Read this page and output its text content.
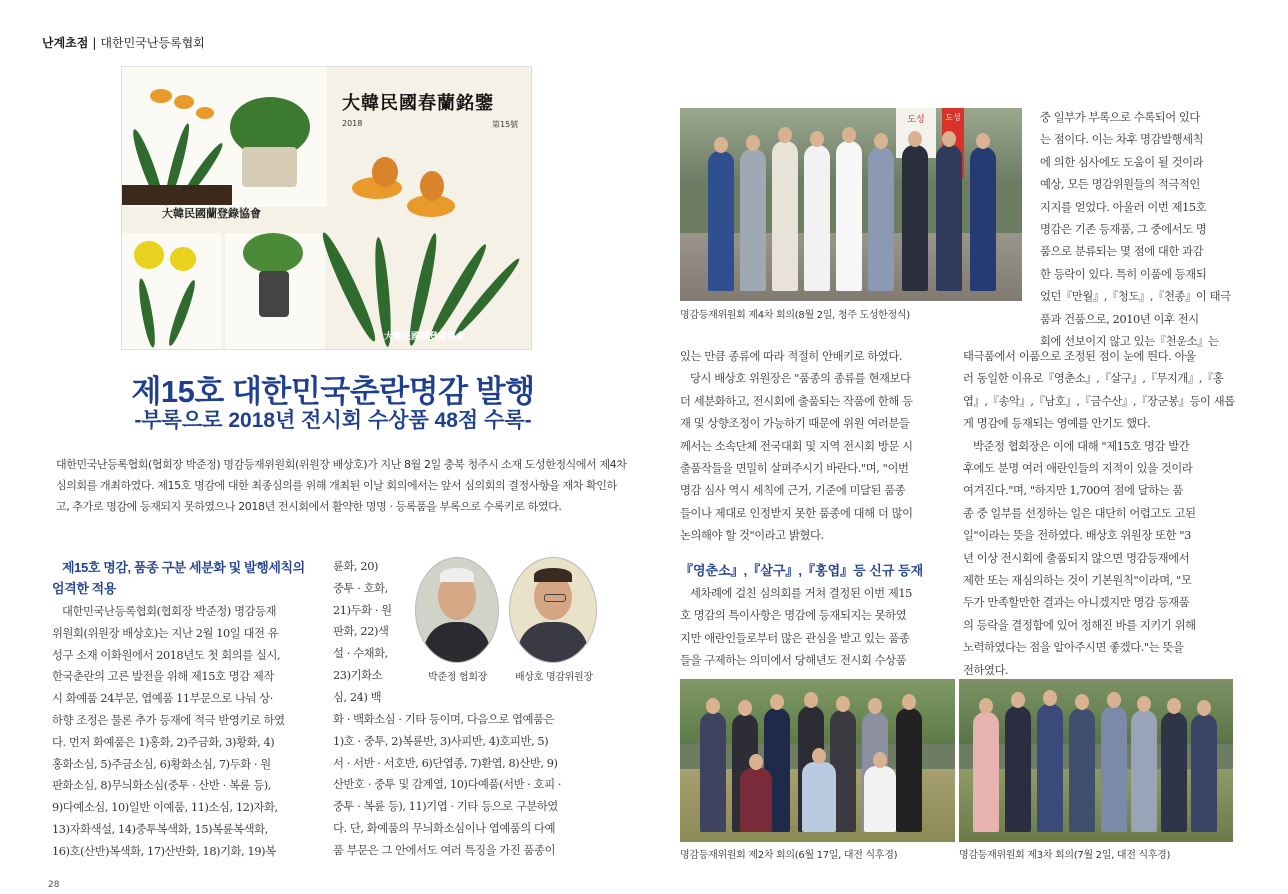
난계초점 | 대한민국난등록협회
大韓民國蘭登錄協會
大韓民國春蘭銘鑒
2018	第15號
大韓民國蘭登錄協會
제15호 대한민국춘란명감 발행
-부록으로 2018년 전시회 수상품 48점 수록-

대한민국난등록협회(협회장 박준정) 명감등재위원회(위원장 배상호)가 지난 8월 2일 충북 청주시 소재 도성한정식에서 제4차

심의회를 개최하였다. 제15호 명감에 대한 최종심의를 위해 개최된 이날 회의에서는 앞서 심의회의 결정사항을 재차 확인하

고, 추가로 명감에 등재되지 못하였으나 2018년 전시회에서 활약한 명명 · 등록품을 부록으로 수록키로 하였다.

제15호 명감, 품종 구분 세분화 및 발행세칙의
엄격한 적용

대한민국난등록협회(협회장 박준정) 명감등재

위원회(위원장 배상호)는 지난 2월 10일 대전 유

성구 소재 이화원에서 2018년도 첫 회의를 실시,

한국춘란의 고른 발전을 위해 제15호 명감 제작

시 화예품 24부문, 엽예품 11부문으로 나눠 상·

하향 조정은 물론 추가 등재에 적극 반영키로 하였

다. 먼저 화예품은 1)홍화, 2)주금화, 3)황화, 4)

홍화소심, 5)주금소심, 6)황화소심, 7)두화 · 원

판화소심, 8)무늬화소심(중투 · 산반 · 복륜 등),

9)다예소심, 10)일반 이예품, 11)소심, 12)자화,

13)자화색설, 14)중투복색화, 15)복륜복색화,

16)호(산반)복색화, 17)산반화, 18)기화, 19)복

륜화, 20)

중투 · 호화,

21)두화 · 원

판화, 22)색

설 · 수채화,

23)기화소

심, 24) 백

박준정 협회장	배상호 명감위원장

화 · 백화소심 · 기타 등이며, 다음으로 엽예품은

1)호 · 중투, 2)복륜반, 3)사피반, 4)호피반, 5)

서 · 서반 · 서호반, 6)단엽종, 7)환엽, 8)산반, 9)

산반호 · 중투 및 감계열, 10)다예품(서반 · 호피 ·

중투 · 복륜 등), 11)기엽 · 기타 등으로 구분하였

다. 단, 화예품의 무늬화소심이나 엽예품의 다예

품 부문은 그 안에서도 여러 특징을 가진 품종이

도성	도성
명감등재위원회 제4차 회의(8월 2일, 청주 도성한정식)

있는 만큼 종류에 따라 적절히 안배키로 하였다.

당시 배상호 위원장은 "품종의 종류를 현재보다

더 세분화하고, 전시회에 출품되는 작품에 한해 등

재 및 상향조정이 가능하기 때문에 위원 여러분들

께서는 소속단체 전국대회 및 지역 전시회 방문 시

출품작들을 면밀히 살펴주시기 바란다."며, "이번

명감 심사 역시 세칙에 근거, 기준에 미달된 품종

들이나 제대로 인정받지 못한 품종에 대해 더 많이

논의해야 할 것"이라고 밝혔다.

『영춘소』,『살구』,『홍엽』등 신규 등재

세차례에 걸친 심의회를 거쳐 결정된 이번 제15

호 명감의 특이사항은 명감에 등재되지는 못하였

지만 애란인들로부터 많은 관심을 받고 있는 품종

들을 구제하는 의미에서 당해년도 전시회 수상품

중 일부가 부록으로 수록되어 있다

는 점이다. 이는 차후 명감발행세칙

에 의한 심사에도 도움이 될 것이라

예상, 모든 명감위원들의 적극적인

지지를 얻었다. 아울러 이번 제15호

명감은 기존 등재품, 그 중에서도 명

품으로 분류되는 몇 점에 대한 과감

한 등락이 있다. 특히 이품에 등재되

었던『만월』,『청도』,『천종』이 태극

품과 건품으로, 2010년 이후 전시

회에 선보이지 않고 있는『천운소』는

태극품에서 이품으로 조정된 점이 눈에 띈다. 아울

러 동일한 이유로『영춘소』,『살구』,『무지개』,『홍

엽』,『송악』,『남호』,『금수산』,『장군봉』등이 새롭

게 명감에 등재되는 영예를 안기도 했다.

박준정 협회장은 이에 대해 "제15호 명감 발간

후에도 분명 여러 애란인들의 지적이 있을 것이라

여겨진다."며, "하지만 1,700여 점에 달하는 품

종 중 일부를 선정하는 일은 대단히 어렵고도 고된

일"이라는 뜻을 전하였다. 배상호 위원장 또한 "3

년 이상 전시회에 출품되지 않으면 명감등재에서

제한 또는 재심의하는 것이 기본원칙"이라며, "모

두가 만족할만한 결과는 아니겠지만 명감 등재품

의 등락을 결정함에 있어 정해진 바를 지키기 위해

노력하였다는 점을 알아주시면 좋겠다."는 뜻을

전하였다.

명감등재위원회 제2차 회의(6월 17일, 대전 식후경)	명감등재위원회 제3차 회의(7월 2일, 대전 식후경)
28
